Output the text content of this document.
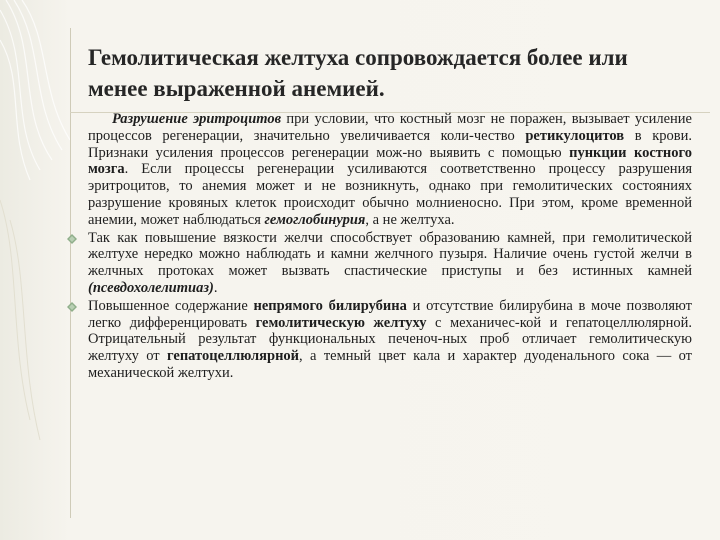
Гемолитическая желтуха сопровождается более или
менее выраженной анемией.

Разрушение эритроцитов при условии, что костный мозг не поражен, вызывает усиление процессов регенерации, значительно увеличивается коли-чество ретикулоцитов в крови. Признаки усиления процессов регенерации мож-но выявить с помощью пункции костного мозга. Если процессы регенерации усиливаются соответственно процессу разрушения эритроцитов, то анемия может и не возникнуть, однако при гемолитических состояниях разрушение кровяных клеток происходит обычно молниеносно. При этом, кроме временной анемии, может наблюдаться гемоглобинурия, а не желтуха.

Так как повышение вязкости желчи способствует образованию камней, при гемолитической желтухе нередко можно наблюдать и камни желчного пузыря. Наличие очень густой желчи в желчных протоках может вызвать спастические приступы и без истинных камней (псевдохолелитиаз).

Повышенное содержание непрямого билирубина и отсутствие билирубина в моче позволяют легко дифференцировать гемолитическую желтуху с механичес-кой и гепатоцеллюлярной. Отрицательный результат функциональных печеноч-ных проб отличает гемолитическую желтуху от гепатоцеллюлярной, а темный цвет кала и характер дуоденального сока — от механической желтухи.
